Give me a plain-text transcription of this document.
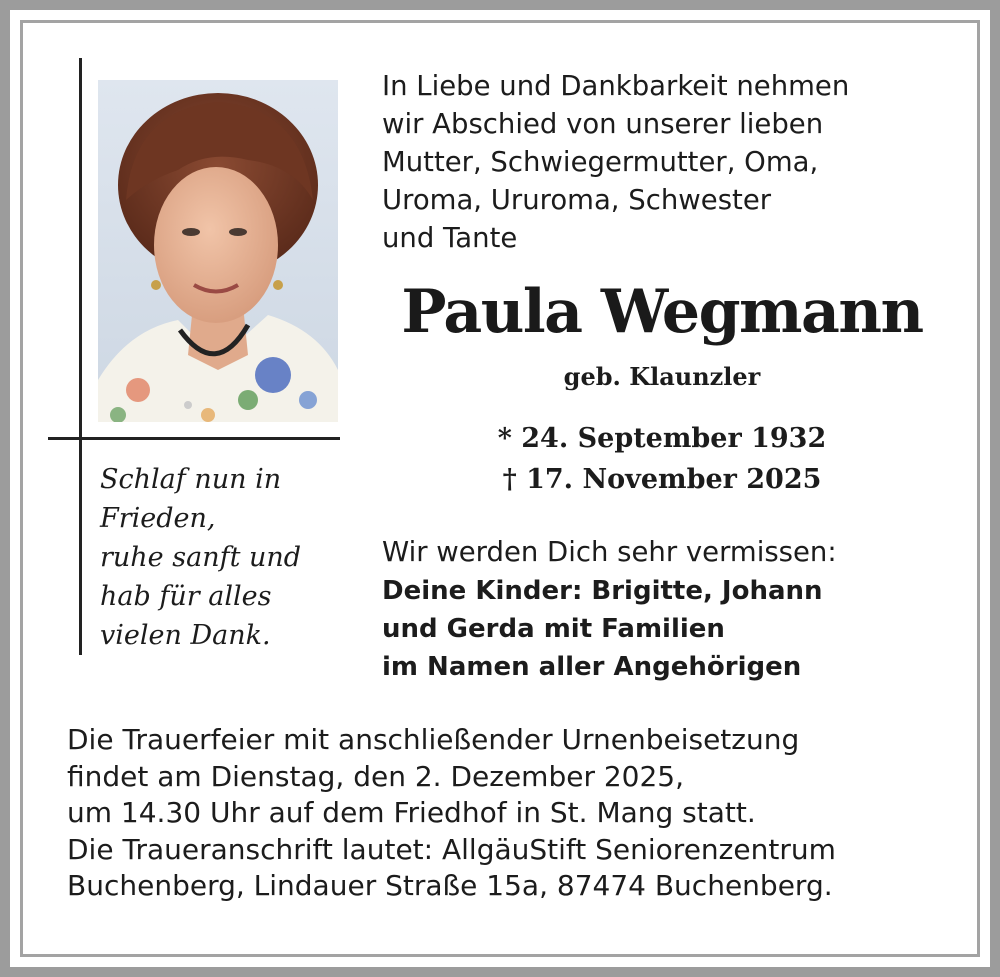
Schlaf nun in
Frieden,
ruhe sanft und
hab für alles
vielen Dank.
In Liebe und Dankbarkeit nehmen
wir Abschied von unserer lieben
Mutter, Schwiegermutter, Oma,
Uroma, Ururoma, Schwester
und Tante
Paula Wegmann
geb. Klaunzler
* 24. September 1932
† 17. November 2025
Wir werden Dich sehr vermissen:
Deine Kinder: Brigitte, Johann
und Gerda mit Familien
im Namen aller Angehörigen
Die Trauerfeier mit anschließender Urnenbeisetzung
findet am Dienstag, den 2. Dezember 2025,
um 14.30 Uhr auf dem Friedhof in St. Mang statt.
Die Traueranschrift lautet: AllgäuStift Seniorenzentrum
Buchenberg, Lindauer Straße 15a, 87474 Buchenberg.
